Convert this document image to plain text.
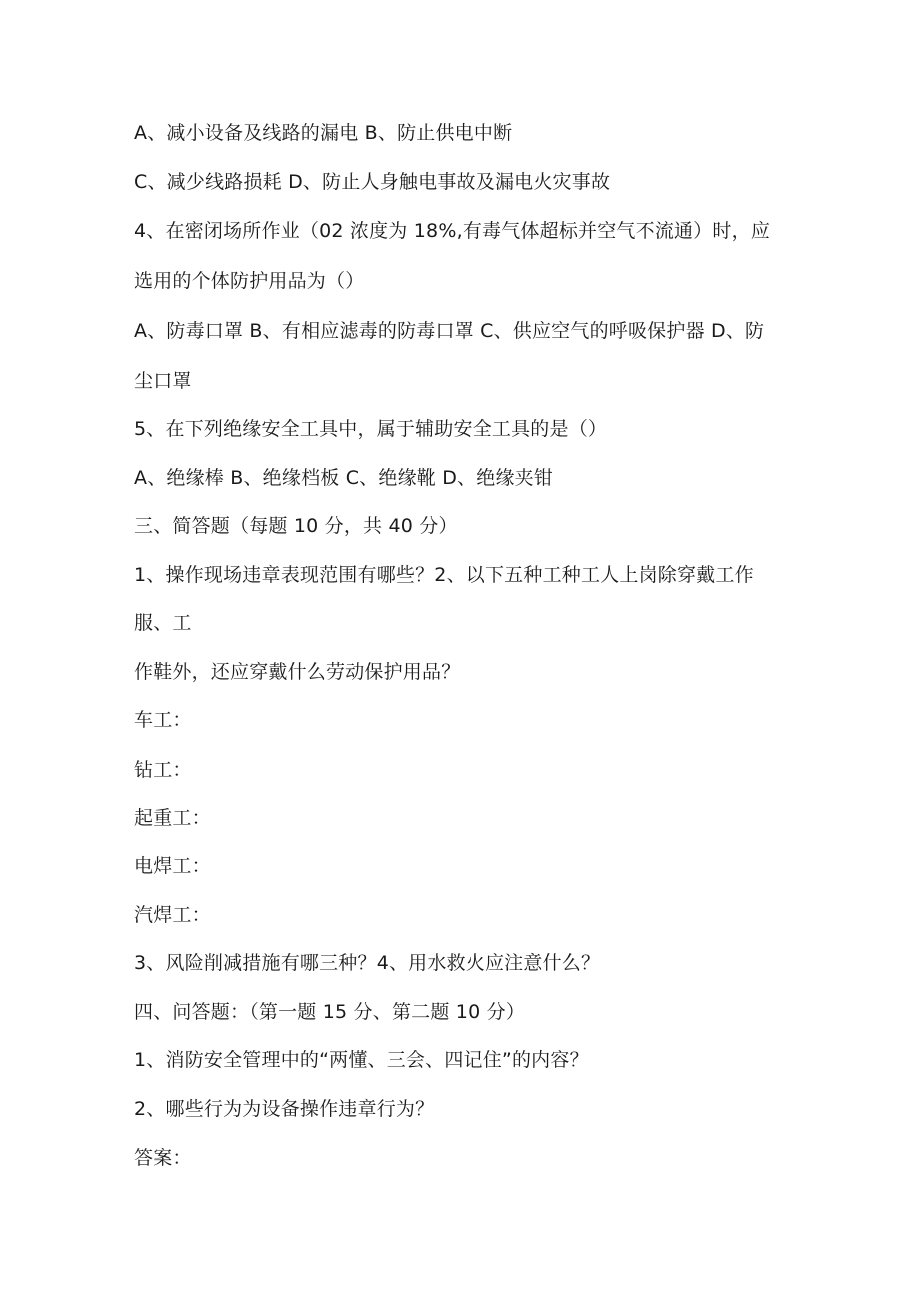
A、减小设备及线路的漏电 B、防止供电中断
C、减少线路损耗 D、防止人身触电事故及漏电火灾事故
4、在密闭场所作业（02 浓度为 18%,有毒气体超标并空气不流通）时，应
选用的个体防护用品为（）
A、防毒口罩 B、有相应滤毒的防毒口罩 C、供应空气的呼吸保护器 D、防
尘口罩
5、在下列绝缘安全工具中，属于辅助安全工具的是（）
A、绝缘棒 B、绝缘档板 C、绝缘靴 D、绝缘夹钳
三、简答题（每题 10 分，共 40 分）
1、操作现场违章表现范围有哪些？2、以下五种工种工人上岗除穿戴工作
服、工
作鞋外，还应穿戴什么劳动保护用品？
车工：
钻工：
起重工：
电焊工：
汽焊工：
3、风险削减措施有哪三种？4、用水救火应注意什么？
四、问答题：（第一题 15 分、第二题 10 分）
1、消防安全管理中的“两懂、三会、四记住”的内容？
2、哪些行为为设备操作违章行为？
答案：
